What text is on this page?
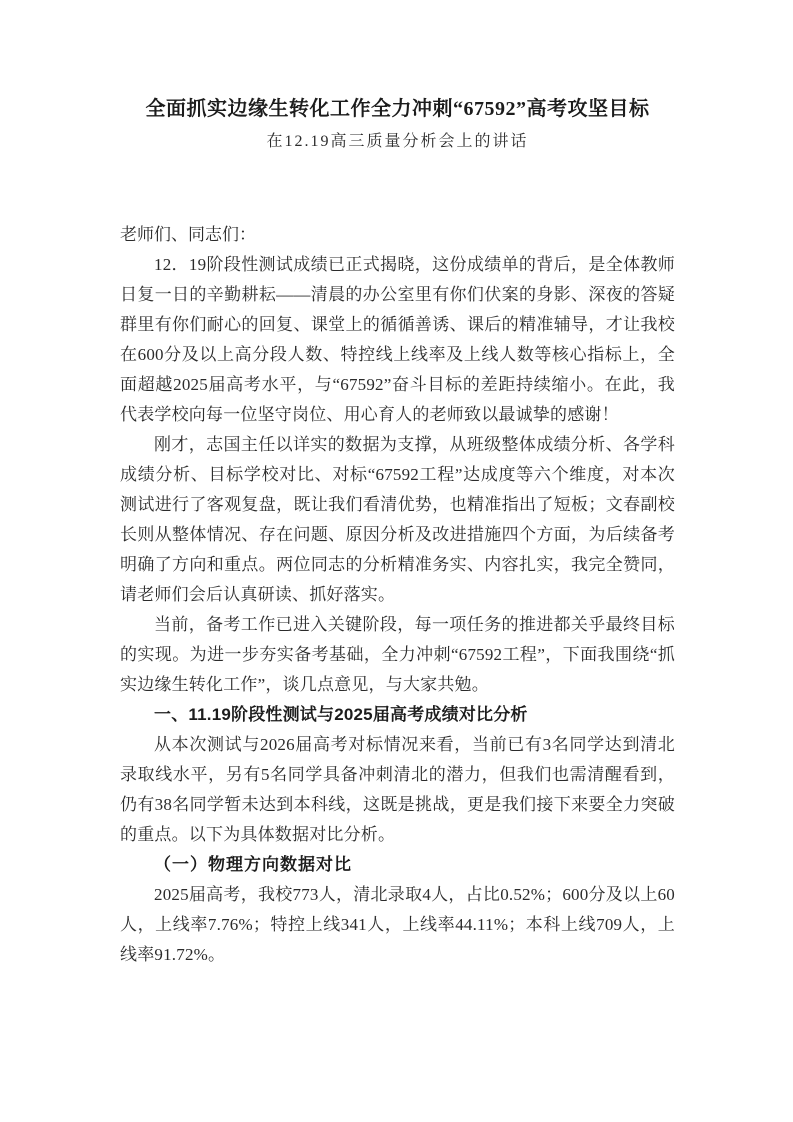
全面抓实边缘生转化工作全力冲刺“67592”高考攻坚目标
在12.19高三质量分析会上的讲话

老师们、同志们：

12．19阶段性测试成绩已正式揭晓，这份成绩单的背后，是全体教师日复一日的辛勤耕耘——清晨的办公室里有你们伏案的身影、深夜的答疑群里有你们耐心的回复、课堂上的循循善诱、课后的精准辅导，才让我校在600分及以上高分段人数、特控线上线率及上线人数等核心指标上，全面超越2025届高考水平，与“67592”奋斗目标的差距持续缩小。在此，我代表学校向每一位坚守岗位、用心育人的老师致以最诚挚的感谢！

刚才，志国主任以详实的数据为支撑，从班级整体成绩分析、各学科成绩分析、目标学校对比、对标“67592工程”达成度等六个维度，对本次测试进行了客观复盘，既让我们看清优势，也精准指出了短板；文春副校长则从整体情况、存在问题、原因分析及改进措施四个方面，为后续备考明确了方向和重点。两位同志的分析精准务实、内容扎实，我完全赞同，请老师们会后认真研读、抓好落实。

当前，备考工作已进入关键阶段，每一项任务的推进都关乎最终目标的实现。为进一步夯实备考基础，全力冲刺“67592工程”，下面我围绕“抓实边缘生转化工作”，谈几点意见，与大家共勉。

一、11.19阶段性测试与2025届高考成绩对比分析

从本次测试与2026届高考对标情况来看，当前已有3名同学达到清北录取线水平，另有5名同学具备冲刺清北的潜力，但我们也需清醒看到，仍有38名同学暂未达到本科线，这既是挑战，更是我们接下来要全力突破的重点。以下为具体数据对比分析。

（一）物理方向数据对比

2025届高考，我校773人，清北录取4人，占比0.52%；600分及以上60人，上线率7.76%；特控上线341人，上线率44.11%；本科上线709人，上线率91.72%。
